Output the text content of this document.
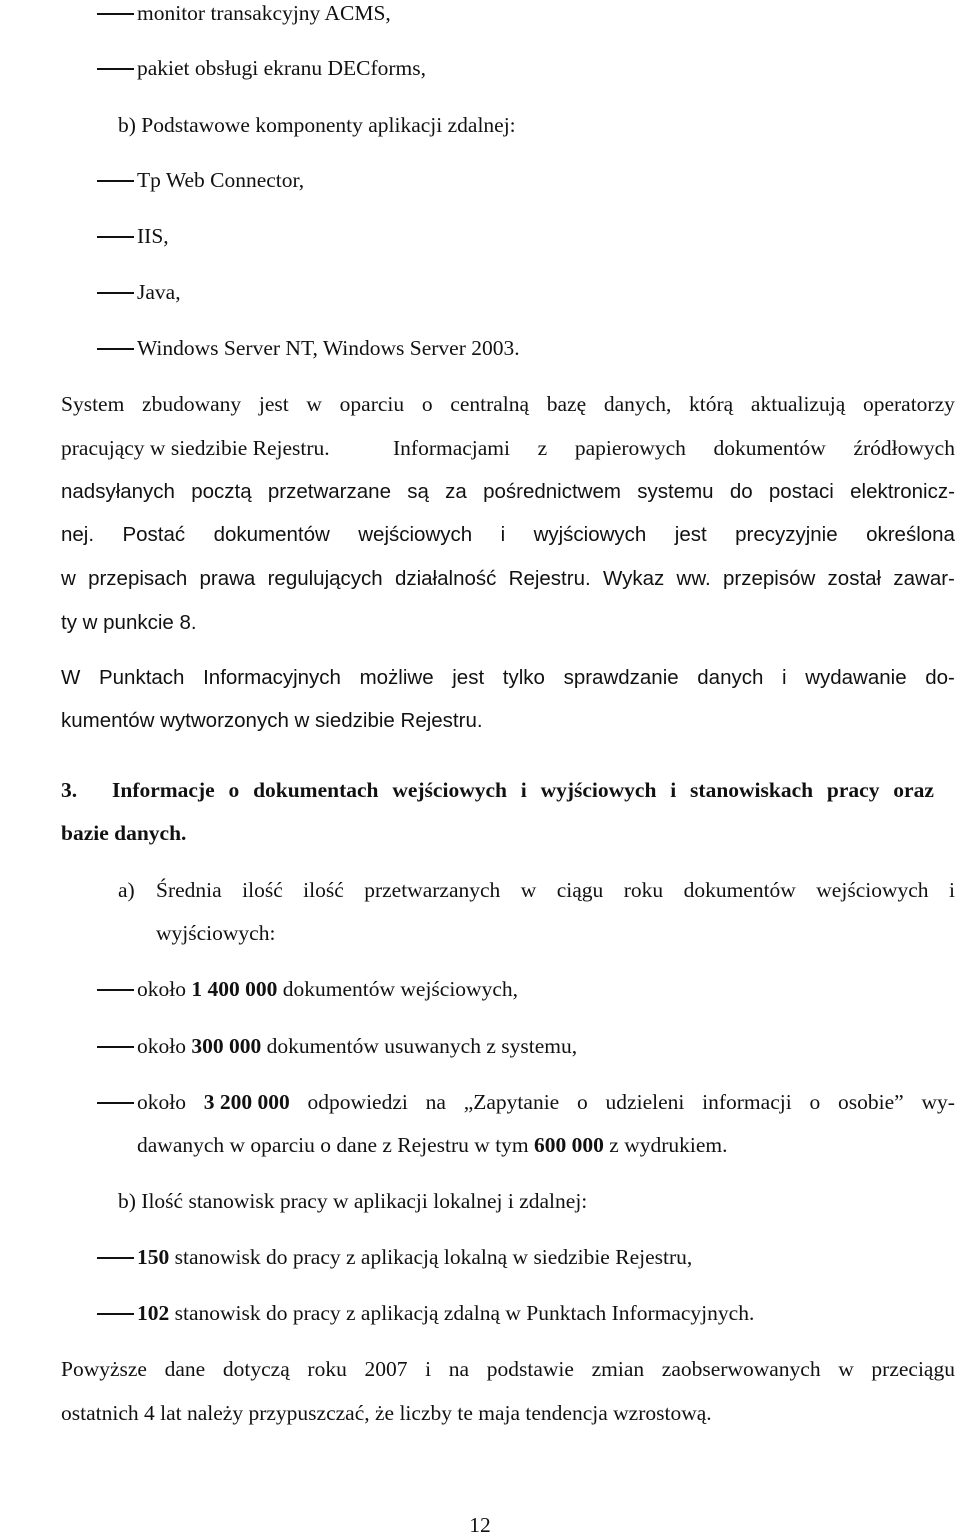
monitor transakcyjny ACMS,
pakiet obsługi ekranu DECforms,
b) Podstawowe komponenty aplikacji zdalnej:
Tp Web Connector,
IIS,
Java,
Windows Server NT, Windows Server 2003.
System zbudowany jest w oparciu o centralną bazę danych, którą aktualizują operatorzy
pracujący w siedzibie Rejestru.	Informacjami z papierowych dokumentów źródłowych
nadsyłanych pocztą przetwarzane są za pośrednictwem systemu do postaci elektronicz-
nej. Postać dokumentów wejściowych i wyjściowych jest precyzyjnie określona
w przepisach prawa regulujących działalność Rejestru. Wykaz ww. przepisów został zawar-
ty w punkcie 8.
W Punktach Informacyjnych możliwe jest tylko sprawdzanie danych i wydawanie do-
kumentów wytworzonych w siedzibie Rejestru.
3. Informacje o dokumentach wejściowych i wyjściowych i stanowiskach pracy oraz
bazie danych.
a) Średnia ilość ilość przetwarzanych w ciągu roku dokumentów wejściowych i
wyjściowych:
około 1 400 000 dokumentów wejściowych,
około 300 000 dokumentów usuwanych z systemu,
około 3 200 000 odpowiedzi na „Zapytanie o udzieleni informacji o osobie” wy-
dawanych w oparciu o dane z Rejestru w tym 600 000 z wydrukiem.
b) Ilość stanowisk pracy w aplikacji lokalnej i zdalnej:
150 stanowisk do pracy z aplikacją lokalną w siedzibie Rejestru,
102 stanowisk do pracy z aplikacją zdalną w Punktach Informacyjnych.
Powyższe dane dotyczą roku 2007 i na podstawie zmian zaobserwowanych w przeciągu
ostatnich 4 lat należy przypuszczać, że liczby te maja tendencja wzrostową.
12
